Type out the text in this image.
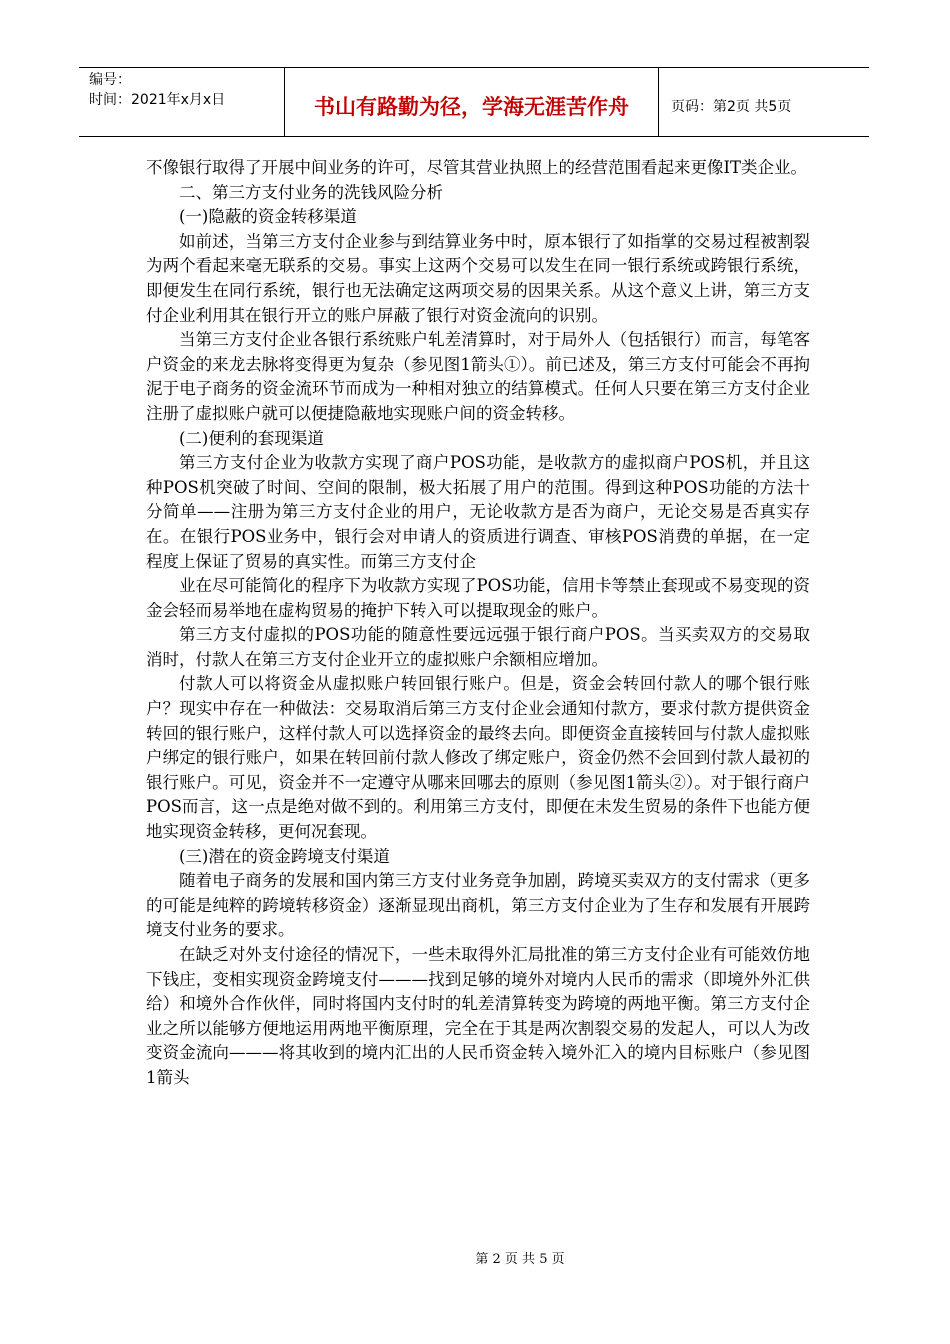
编号：
时间：2021年x月x日	书山有路勤为径，学海无涯苦作舟	页码：第2页 共5页

不像银行取得了开展中间业务的许可，尽管其营业执照上的经营范围看起来更像IT类企业。

二、第三方支付业务的洗钱风险分析

(一)隐蔽的资金转移渠道

如前述，当第三方支付企业参与到结算业务中时，原本银行了如指掌的交易过程被割裂为两个看起来毫无联系的交易。事实上这两个交易可以发生在同一银行系统或跨银行系统，即便发生在同行系统，银行也无法确定这两项交易的因果关系。从这个意义上讲，第三方支付企业利用其在银行开立的账户屏蔽了银行对资金流向的识别。

当第三方支付企业各银行系统账户轧差清算时，对于局外人（包括银行）而言，每笔客户资金的来龙去脉将变得更为复杂（参见图1箭头①）。前已述及，第三方支付可能会不再拘泥于电子商务的资金流环节而成为一种相对独立的结算模式。任何人只要在第三方支付企业注册了虚拟账户就可以便捷隐蔽地实现账户间的资金转移。

(二)便利的套现渠道

第三方支付企业为收款方实现了商户POS功能，是收款方的虚拟商户POS机，并且这种POS机突破了时间、空间的限制，极大拓展了用户的范围。得到这种POS功能的方法十分简单——注册为第三方支付企业的用户，无论收款方是否为商户，无论交易是否真实存在。在银行POS业务中，银行会对申请人的资质进行调查、审核POS消费的单据，在一定程度上保证了贸易的真实性。而第三方支付企

业在尽可能简化的程序下为收款方实现了POS功能，信用卡等禁止套现或不易变现的资金会轻而易举地在虚构贸易的掩护下转入可以提取现金的账户。

第三方支付虚拟的POS功能的随意性要远远强于银行商户POS。当买卖双方的交易取消时，付款人在第三方支付企业开立的虚拟账户余额相应增加。

付款人可以将资金从虚拟账户转回银行账户。但是，资金会转回付款人的哪个银行账户？现实中存在一种做法：交易取消后第三方支付企业会通知付款方，要求付款方提供资金转回的银行账户，这样付款人可以选择资金的最终去向。即便资金直接转回与付款人虚拟账户绑定的银行账户，如果在转回前付款人修改了绑定账户，资金仍然不会回到付款人最初的银行账户。可见，资金并不一定遵守从哪来回哪去的原则（参见图1箭头②）。对于银行商户POS而言，这一点是绝对做不到的。利用第三方支付，即便在未发生贸易的条件下也能方便地实现资金转移，更何况套现。

(三)潜在的资金跨境支付渠道

随着电子商务的发展和国内第三方支付业务竞争加剧，跨境买卖双方的支付需求（更多的可能是纯粹的跨境转移资金）逐渐显现出商机，第三方支付企业为了生存和发展有开展跨境支付业务的要求。

在缺乏对外支付途径的情况下，一些未取得外汇局批准的第三方支付企业有可能效仿地下钱庄，变相实现资金跨境支付———找到足够的境外对境内人民币的需求（即境外外汇供给）和境外合作伙伴，同时将国内支付时的轧差清算转变为跨境的两地平衡。第三方支付企业之所以能够方便地运用两地平衡原理，完全在于其是两次割裂交易的发起人，可以人为改变资金流向———将其收到的境内汇出的人民币资金转入境外汇入的境内目标账户（参见图1箭头

第 2 页 共 5 页
